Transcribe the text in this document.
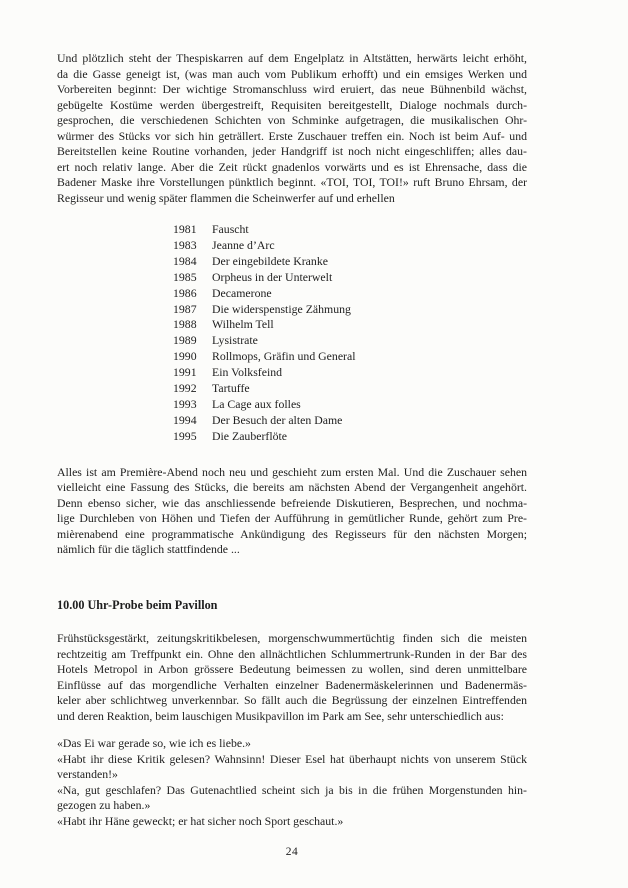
Und plötzlich steht der Thespiskarren auf dem Engelplatz in Altstätten, herwärts leicht erhöht,
da die Gasse geneigt ist, (was man auch vom Publikum erhofft) und ein emsiges Werken und
Vorbereiten beginnt: Der wichtige Stromanschluss wird eruiert, das neue Bühnenbild wächst,
gebügelte Kostüme werden übergestreift, Requisiten bereitgestellt, Dialoge nochmals durch-
gesprochen, die verschiedenen Schichten von Schminke aufgetragen, die musikalischen Ohr-
würmer des Stücks vor sich hin geträllert. Erste Zuschauer treffen ein. Noch ist beim Auf- und
Bereitstellen keine Routine vorhanden, jeder Handgriff ist noch nicht eingeschliffen; alles dau-
ert noch relativ lange. Aber die Zeit rückt gnadenlos vorwärts und es ist Ehrensache, dass die
Badener Maske ihre Vorstellungen pünktlich beginnt. «TOI, TOI, TOI!» ruft Bruno Ehrsam, der
Regisseur und wenig später flammen die Scheinwerfer auf und erhellen
1981 Fauscht
1983 Jeanne d’Arc
1984 Der eingebildete Kranke
1985 Orpheus in der Unterwelt
1986 Decamerone
1987 Die widerspenstige Zähmung
1988 Wilhelm Tell
1989 Lysistrate
1990 Rollmops, Gräfin und General
1991 Ein Volksfeind
1992 Tartuffe
1993 La Cage aux folles
1994 Der Besuch der alten Dame
1995 Die Zauberflöte
Alles ist am Première-Abend noch neu und geschieht zum ersten Mal. Und die Zuschauer sehen
vielleicht eine Fassung des Stücks, die bereits am nächsten Abend der Vergangenheit angehört.
Denn ebenso sicher, wie das anschliessende befreiende Diskutieren, Besprechen, und nochma-
lige Durchleben von Höhen und Tiefen der Aufführung in gemütlicher Runde, gehört zum Pre-
mièrenabend eine programmatische Ankündigung des Regisseurs für den nächsten Morgen;
nämlich für die täglich stattfindende ...
10.00 Uhr-Probe beim Pavillon
Frühstücksgestärkt, zeitungskritikbelesen, morgenschwummertüchtig finden sich die meisten
rechtzeitig am Treffpunkt ein. Ohne den allnächtlichen Schlummertrunk-Runden in der Bar des
Hotels Metropol in Arbon grössere Bedeutung beimessen zu wollen, sind deren unmittelbare
Einflüsse auf das morgendliche Verhalten einzelner Badenermäskelerinnen und Badenermäs-
keler aber schlichtweg unverkennbar. So fällt auch die Begrüssung der einzelnen Eintreffenden
und deren Reaktion, beim lauschigen Musikpavillon im Park am See, sehr unterschiedlich aus:
«Das Ei war gerade so, wie ich es liebe.»
«Habt ihr diese Kritik gelesen? Wahnsinn! Dieser Esel hat überhaupt nichts von unserem Stück
verstanden!»
«Na, gut geschlafen? Das Gutenachtlied scheint sich ja bis in die frühen Morgenstunden hin-
gezogen zu haben.»
«Habt ihr Häne geweckt; er hat sicher noch Sport geschaut.»
24
